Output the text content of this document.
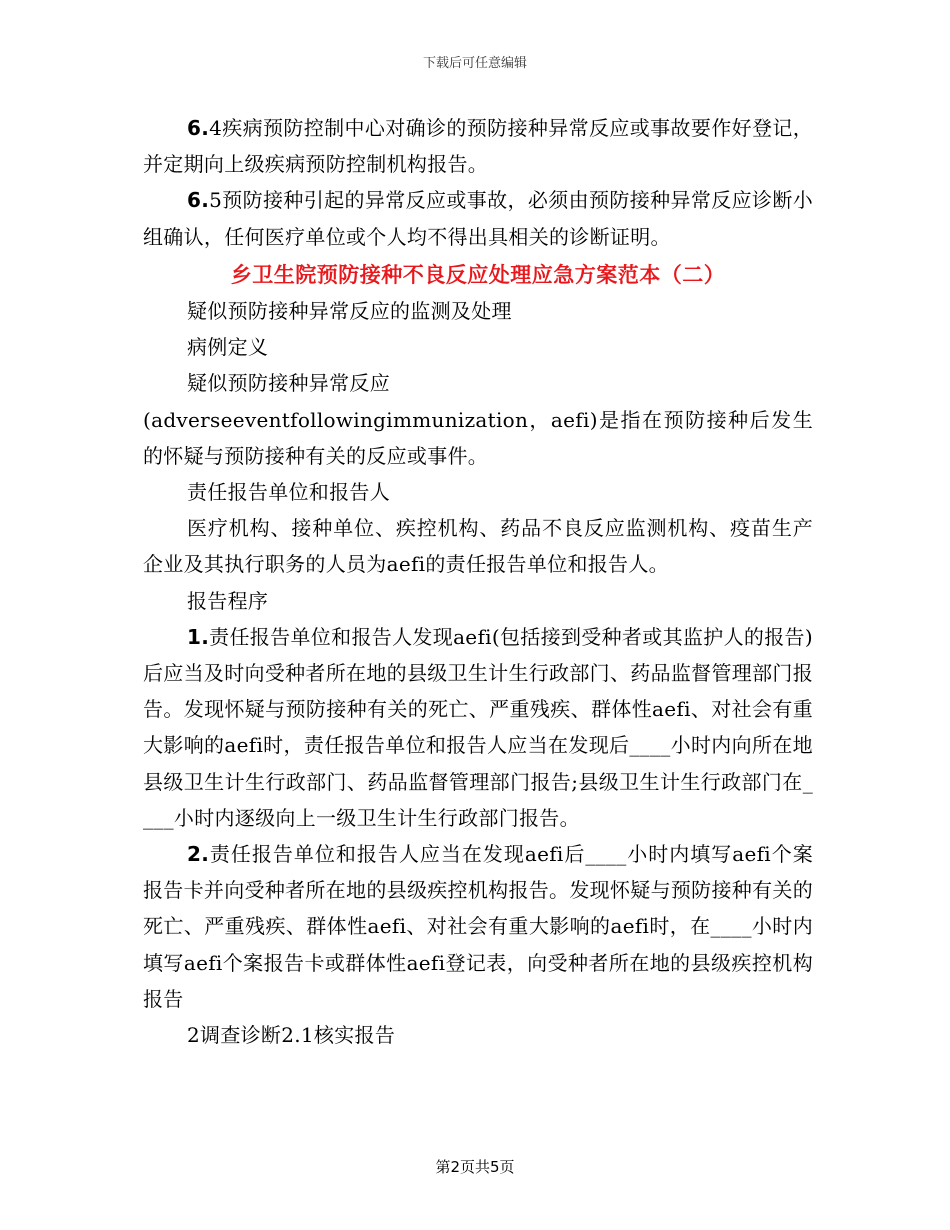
下载后可任意编辑

6.4疾病预防控制中心对确诊的预防接种异常反应或事故要作好登记，并定期向上级疾病预防控制机构报告。

6.5预防接种引起的异常反应或事故，必须由预防接种异常反应诊断小组确认，任何医疗单位或个人均不得出具相关的诊断证明。

乡卫生院预防接种不良反应处理应急方案范本（二）

疑似预防接种异常反应的监测及处理

病例定义

疑似预防接种异常反应

(adverseeventfollowingimmunization，aefi)是指在预防接种后发生的怀疑与预防接种有关的反应或事件。

责任报告单位和报告人

医疗机构、接种单位、疾控机构、药品不良反应监测机构、疫苗生产企业及其执行职务的人员为aefi的责任报告单位和报告人。

报告程序

1.责任报告单位和报告人发现aefi(包括接到受种者或其监护人的报告)后应当及时向受种者所在地的县级卫生计生行政部门、药品监督管理部门报告。发现怀疑与预防接种有关的死亡、严重残疾、群体性aefi、对社会有重大影响的aefi时，责任报告单位和报告人应当在发现后____小时内向所在地县级卫生计生行政部门、药品监督管理部门报告;县级卫生计生行政部门在____小时内逐级向上一级卫生计生行政部门报告。

2.责任报告单位和报告人应当在发现aefi后____小时内填写aefi个案报告卡并向受种者所在地的县级疾控机构报告。发现怀疑与预防接种有关的死亡、严重残疾、群体性aefi、对社会有重大影响的aefi时，在____小时内填写aefi个案报告卡或群体性aefi登记表，向受种者所在地的县级疾控机构报告

2调查诊断2.1核实报告

第2页共5页
